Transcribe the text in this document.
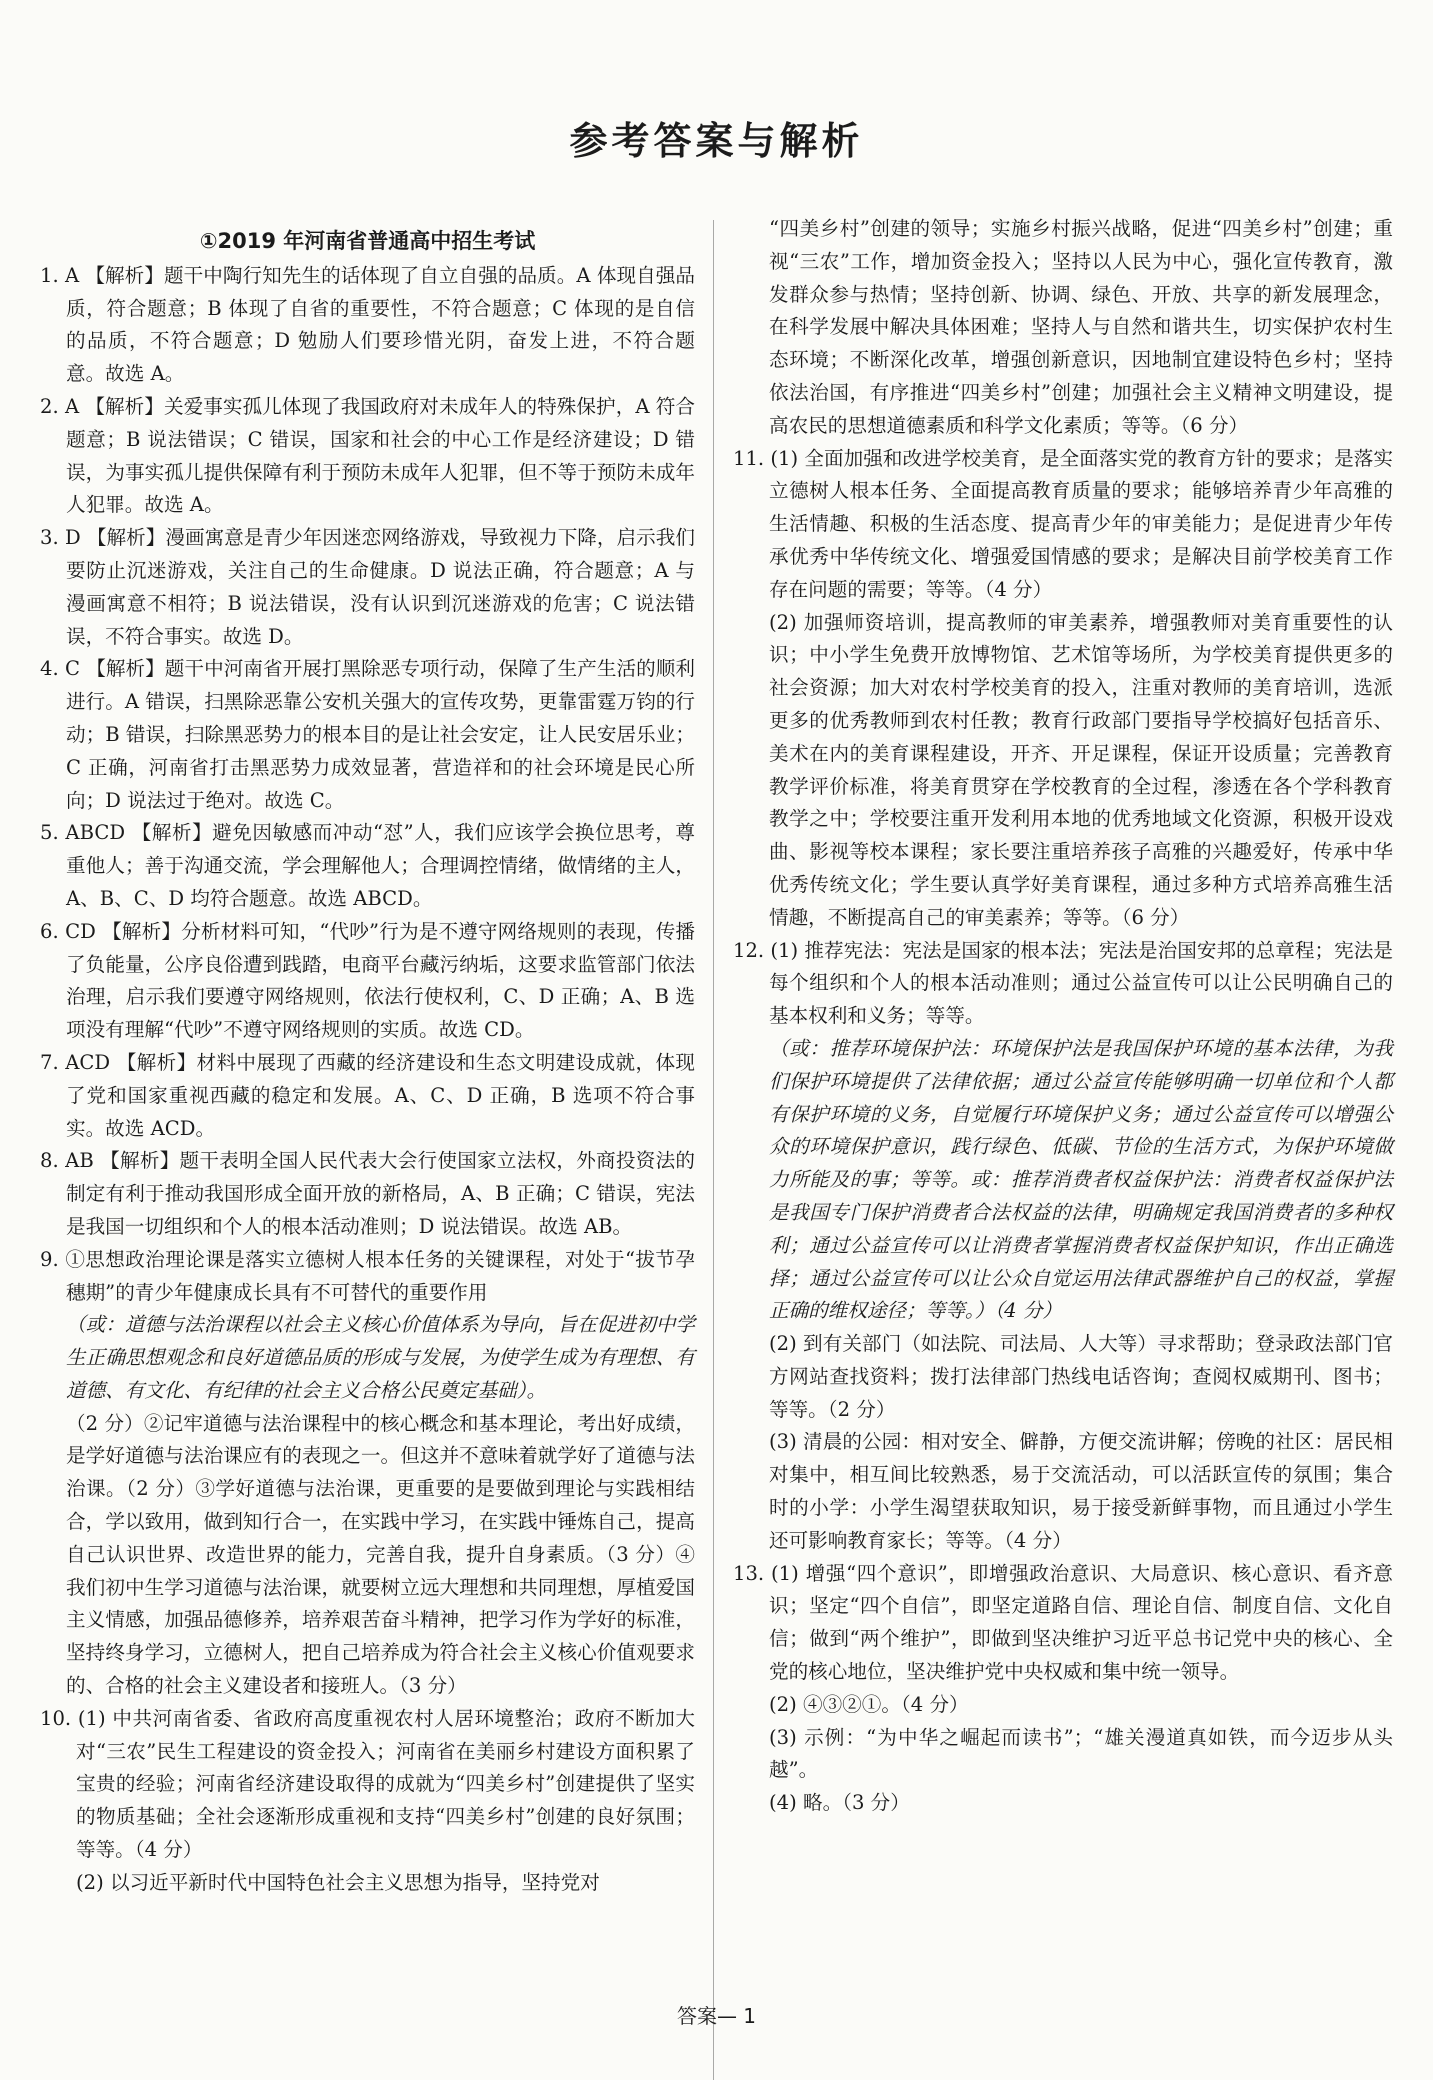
参考答案与解析

①2019 年河南省普通高中招生考试

1. A 【解析】题干中陶行知先生的话体现了自立自强的品质。A 体现自强品质，符合题意；B 体现了自省的重要性，不符合题意；C 体现的是自信的品质，不符合题意；D 勉励人们要珍惜光阴，奋发上进，不符合题意。故选 A。

2. A 【解析】关爱事实孤儿体现了我国政府对未成年人的特殊保护，A 符合题意；B 说法错误；C 错误，国家和社会的中心工作是经济建设；D 错误，为事实孤儿提供保障有利于预防未成年人犯罪，但不等于预防未成年人犯罪。故选 A。

3. D 【解析】漫画寓意是青少年因迷恋网络游戏，导致视力下降，启示我们要防止沉迷游戏，关注自己的生命健康。D 说法正确，符合题意；A 与漫画寓意不相符；B 说法错误，没有认识到沉迷游戏的危害；C 说法错误，不符合事实。故选 D。

4. C 【解析】题干中河南省开展打黑除恶专项行动，保障了生产生活的顺利进行。A 错误，扫黑除恶靠公安机关强大的宣传攻势，更靠雷霆万钧的行动；B 错误，扫除黑恶势力的根本目的是让社会安定，让人民安居乐业；C 正确，河南省打击黑恶势力成效显著，营造祥和的社会环境是民心所向；D 说法过于绝对。故选 C。

5. ABCD 【解析】避免因敏感而冲动“怼”人，我们应该学会换位思考，尊重他人；善于沟通交流，学会理解他人；合理调控情绪，做情绪的主人，A、B、C、D 均符合题意。故选 ABCD。

6. CD 【解析】分析材料可知，“代吵”行为是不遵守网络规则的表现，传播了负能量，公序良俗遭到践踏，电商平台藏污纳垢，这要求监管部门依法治理，启示我们要遵守网络规则，依法行使权利，C、D 正确；A、B 选项没有理解“代吵”不遵守网络规则的实质。故选 CD。

7. ACD 【解析】材料中展现了西藏的经济建设和生态文明建设成就，体现了党和国家重视西藏的稳定和发展。A、C、D 正确，B 选项不符合事实。故选 ACD。

8. AB 【解析】题干表明全国人民代表大会行使国家立法权，外商投资法的制定有利于推动我国形成全面开放的新格局，A、B 正确；C 错误，宪法是我国一切组织和个人的根本活动准则；D 说法错误。故选 AB。

9. ①思想政治理论课是落实立德树人根本任务的关键课程，对处于“拔节孕穗期”的青少年健康成长具有不可替代的重要作用

（或：道德与法治课程以社会主义核心价值体系为导向，旨在促进初中学生正确思想观念和良好道德品质的形成与发展，为使学生成为有理想、有道德、有文化、有纪律的社会主义合格公民奠定基础）。

（2 分）②记牢道德与法治课程中的核心概念和基本理论，考出好成绩，是学好道德与法治课应有的表现之一。但这并不意味着就学好了道德与法治课。（2 分）③学好道德与法治课，更重要的是要做到理论与实践相结合，学以致用，做到知行合一，在实践中学习，在实践中锤炼自己，提高自己认识世界、改造世界的能力，完善自我，提升自身素质。（3 分）④我们初中生学习道德与法治课，就要树立远大理想和共同理想，厚植爱国主义情感，加强品德修养，培养艰苦奋斗精神，把学习作为学好的标准，坚持终身学习，立德树人，把自己培养成为符合社会主义核心价值观要求的、合格的社会主义建设者和接班人。（3 分）

10. (1) 中共河南省委、省政府高度重视农村人居环境整治；政府不断加大对“三农”民生工程建设的资金投入；河南省在美丽乡村建设方面积累了宝贵的经验；河南省经济建设取得的成就为“四美乡村”创建提供了坚实的物质基础；全社会逐渐形成重视和支持“四美乡村”创建的良好氛围；等等。（4 分）

(2) 以习近平新时代中国特色社会主义思想为指导，坚持党对

“四美乡村”创建的领导；实施乡村振兴战略，促进“四美乡村”创建；重视“三农”工作，增加资金投入；坚持以人民为中心，强化宣传教育，激发群众参与热情；坚持创新、协调、绿色、开放、共享的新发展理念，在科学发展中解决具体困难；坚持人与自然和谐共生，切实保护农村生态环境；不断深化改革，增强创新意识，因地制宜建设特色乡村；坚持依法治国，有序推进“四美乡村”创建；加强社会主义精神文明建设，提高农民的思想道德素质和科学文化素质；等等。（6 分）

11. (1) 全面加强和改进学校美育，是全面落实党的教育方针的要求；是落实立德树人根本任务、全面提高教育质量的要求；能够培养青少年高雅的生活情趣、积极的生活态度、提高青少年的审美能力；是促进青少年传承优秀中华传统文化、增强爱国情感的要求；是解决目前学校美育工作存在问题的需要；等等。（4 分）

(2) 加强师资培训，提高教师的审美素养，增强教师对美育重要性的认识；中小学生免费开放博物馆、艺术馆等场所，为学校美育提供更多的社会资源；加大对农村学校美育的投入，注重对教师的美育培训，选派更多的优秀教师到农村任教；教育行政部门要指导学校搞好包括音乐、美术在内的美育课程建设，开齐、开足课程，保证开设质量；完善教育教学评价标准，将美育贯穿在学校教育的全过程，渗透在各个学科教育教学之中；学校要注重开发利用本地的优秀地域文化资源，积极开设戏曲、影视等校本课程；家长要注重培养孩子高雅的兴趣爱好，传承中华优秀传统文化；学生要认真学好美育课程，通过多种方式培养高雅生活情趣，不断提高自己的审美素养；等等。（6 分）

12. (1) 推荐宪法：宪法是国家的根本法；宪法是治国安邦的总章程；宪法是每个组织和个人的根本活动准则；通过公益宣传可以让公民明确自己的基本权利和义务；等等。

（或：推荐环境保护法：环境保护法是我国保护环境的基本法律，为我们保护环境提供了法律依据；通过公益宣传能够明确一切单位和个人都有保护环境的义务，自觉履行环境保护义务；通过公益宣传可以增强公众的环境保护意识，践行绿色、低碳、节俭的生活方式，为保护环境做力所能及的事；等等。或：推荐消费者权益保护法：消费者权益保护法是我国专门保护消费者合法权益的法律，明确规定我国消费者的多种权利；通过公益宣传可以让消费者掌握消费者权益保护知识，作出正确选择；通过公益宣传可以让公众自觉运用法律武器维护自己的权益，掌握正确的维权途径；等等。）（4 分）

(2) 到有关部门（如法院、司法局、人大等）寻求帮助；登录政法部门官方网站查找资料；拨打法律部门热线电话咨询；查阅权威期刊、图书；等等。（2 分）

(3) 清晨的公园：相对安全、僻静，方便交流讲解；傍晚的社区：居民相对集中，相互间比较熟悉，易于交流活动，可以活跃宣传的氛围；集合时的小学：小学生渴望获取知识，易于接受新鲜事物，而且通过小学生还可影响教育家长；等等。（4 分）

13. (1) 增强“四个意识”，即增强政治意识、大局意识、核心意识、看齐意识；坚定“四个自信”，即坚定道路自信、理论自信、制度自信、文化自信；做到“两个维护”，即做到坚决维护习近平总书记党中央的核心、全党的核心地位，坚决维护党中央权威和集中统一领导。

(2) ④③②①。（4 分）

(3) 示例：“为中华之崛起而读书”；“雄关漫道真如铁，而今迈步从头越”。

(4) 略。（3 分）

答案— 1
